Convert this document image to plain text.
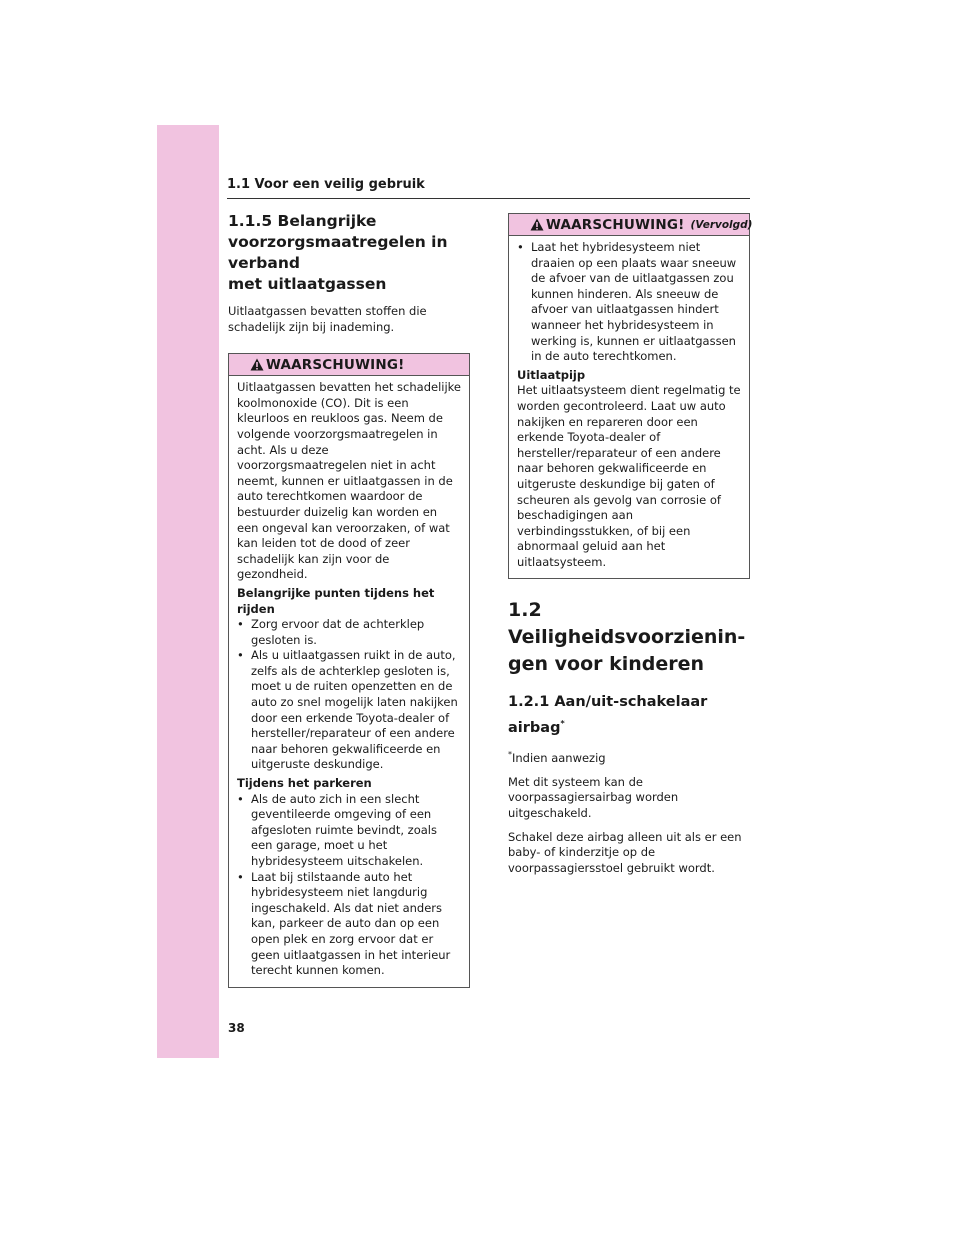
1.1 Voor een veilig gebruik
1.1.5 Belangrijke
voorzorgsmaatregelen in verband
met uitlaatgassen

Uitlaatgassen bevatten stoffen die schadelijk zijn bij inademing.

WAARSCHUWING!

Uitlaatgassen bevatten het schadelijke koolmonoxide (CO). Dit is een kleurloos en reukloos gas. Neem de volgende voorzorgsmaatregelen in acht. Als u deze voorzorgsmaatregelen niet in acht neemt, kunnen er uitlaatgassen in de auto terechtkomen waardoor de bestuurder duizelig kan worden en een ongeval kan veroorzaken, of wat kan leiden tot de dood of zeer schadelijk kan zijn voor de gezondheid.

Belangrijke punten tijdens het rijden
• Zorg ervoor dat de achterklep gesloten is.
• Als u uitlaatgassen ruikt in de auto, zelfs als de achterklep gesloten is, moet u de ruiten openzetten en de auto zo snel mogelijk laten nakijken door een erkende Toyota-dealer of hersteller/reparateur of een andere naar behoren gekwalificeerde en uitgeruste deskundige.
Tijdens het parkeren
• Als de auto zich in een slecht geventileerde omgeving of een afgesloten ruimte bevindt, zoals een garage, moet u het hybridesysteem uitschakelen.
• Laat bij stilstaande auto het hybridesysteem niet langdurig ingeschakeld. Als dat niet anders kan, parkeer de auto dan op een open plek en zorg ervoor dat er geen uitlaatgassen in het interieur terecht kunnen komen.
WAARSCHUWING! (Vervolgd)
• Laat het hybridesysteem niet draaien op een plaats waar sneeuw de afvoer van de uitlaatgassen zou kunnen hinderen. Als sneeuw de afvoer van uitlaatgassen hindert wanneer het hybridesysteem in werking is, kunnen er uitlaatgassen in de auto terechtkomen.
Uitlaatpijp

Het uitlaatsysteem dient regelmatig te worden gecontroleerd. Laat uw auto nakijken en repareren door een erkende Toyota-dealer of hersteller/reparateur of een andere naar behoren gekwalificeerde en uitgeruste deskundige bij gaten of scheuren als gevolg van corrosie of beschadigingen aan verbindingsstukken, of bij een abnormaal geluid aan het uitlaatsysteem.

1.2 Veiligheidsvoorzienin-
gen voor kinderen
1.2.1 Aan/uit-schakelaar airbag*

*Indien aanwezig

Met dit systeem kan de voorpassagiersairbag worden uitgeschakeld.

Schakel deze airbag alleen uit als er een baby- of kinderzitje op de voorpassagiersstoel gebruikt wordt.

38
